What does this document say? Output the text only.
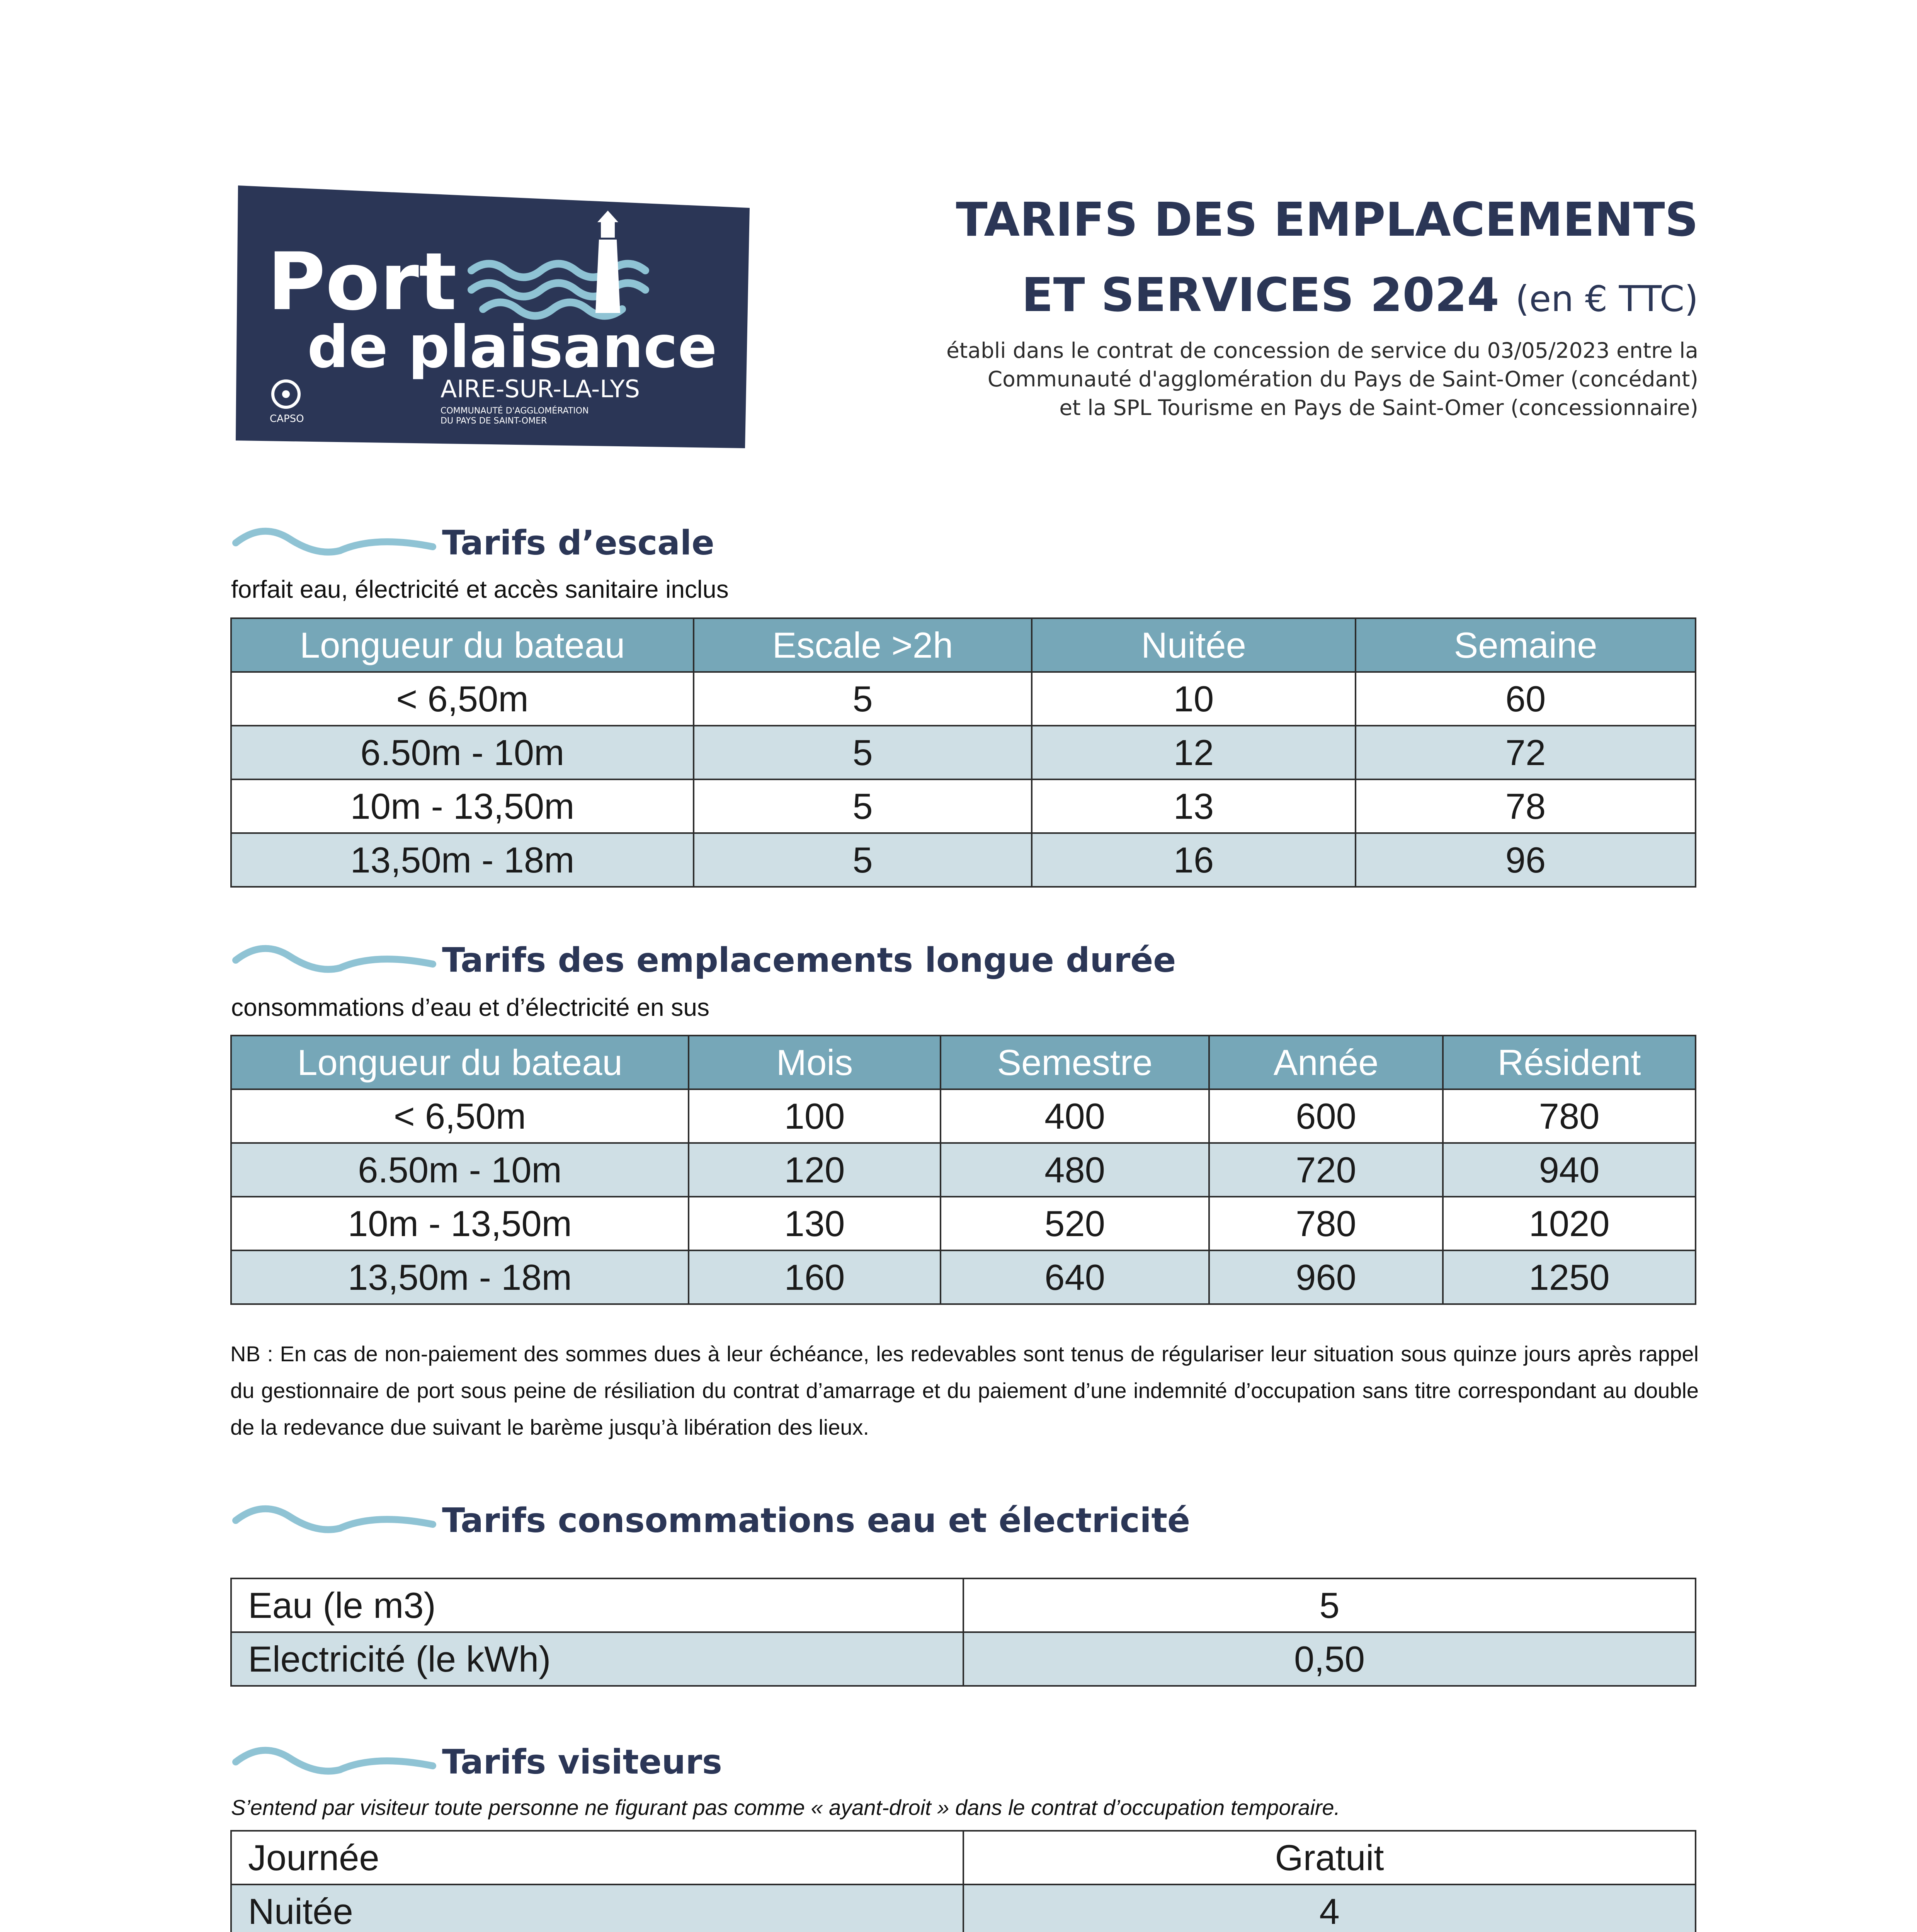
Port
de plaisance
AIRE-SUR-LA-LYS
COMMUNAUTÉ D'AGGLOMÉRATION
DU PAYS DE SAINT-OMER
CAPSO
TARIFS DES EMPLACEMENTS
ET SERVICES 2024 (en € TTC)
établi dans le contrat de concession de service du 03/05/2023 entre la
Communauté d'agglomération du Pays de Saint-Omer (concédant)
et la SPL Tourisme en Pays de Saint-Omer (concessionnaire)
Tarifs d’escale
forfait eau, électricité et accès sanitaire inclus
Longueur du bateau	Escale >2h	Nuitée	Semaine
< 6,50m	5	10	60
6.50m - 10m	5	12	72
10m - 13,50m	5	13	78
13,50m - 18m	5	16	96
Tarifs des emplacements longue durée
consommations d’eau et d’électricité en sus
Longueur du bateau	Mois	Semestre	Année	Résident
< 6,50m	100	400	600	780
6.50m - 10m	120	480	720	940
10m - 13,50m	130	520	780	1020
13,50m - 18m	160	640	960	1250
NB : En cas de non-paiement des sommes dues à leur échéance, les redevables sont tenus de régulariser leur situation sous quinze jours après rappel du gestionnaire de port sous peine de résiliation du contrat d’amarrage et du paiement d’une indemnité d’occupation sans titre correspondant au double de la redevance due suivant le barème jusqu’à libération des lieux.
Tarifs consommations eau et électricité
Eau (le m3)	5
Electricité (le kWh)	0,50
Tarifs visiteurs
S’entend par visiteur toute personne ne figurant pas comme « ayant-droit » dans le contrat d’occupation temporaire.
Journée	Gratuit
Nuitée	4
